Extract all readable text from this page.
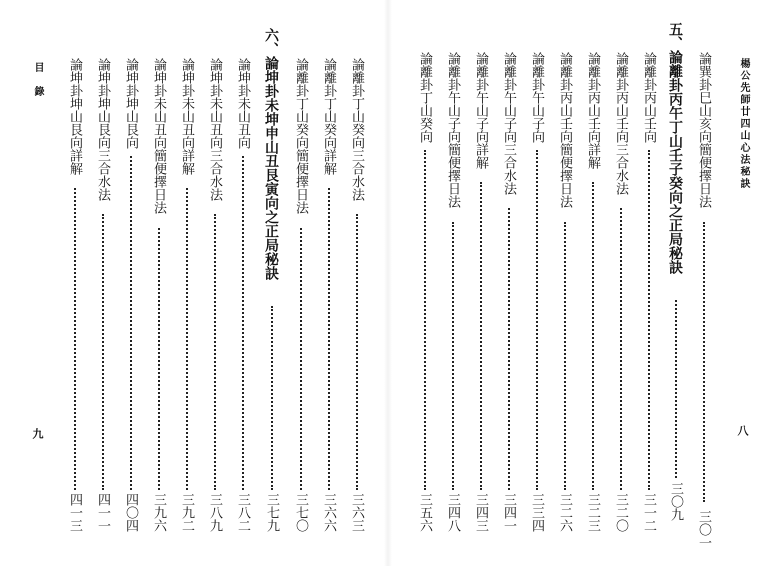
楊公先師廿四山心法秘訣
八
論巽卦巳山亥向簡便擇日法
三〇一
五、論離卦丙午丁山壬子癸向之正局秘訣
三〇九
論離卦丙山壬向
三一二
論離卦丙山壬向三合水法
三二〇
論離卦丙山壬向詳解
三二三
論離卦丙山壬向簡便擇日法
三二六
論離卦午山子向
三三四
論離卦午山子向三合水法
三四一
論離卦午山子向詳解
三四三
論離卦午山子向簡便擇日法
三四八
論離卦丁山癸向
三五六
論離卦丁山癸向三合水法
三六三
論離卦丁山癸向詳解
三六六
論離卦丁山癸向簡便擇日法
三七〇
六、論坤卦未坤申山丑艮寅向之正局秘訣
三七九
論坤卦未山丑向
三八二
論坤卦未山丑向三合水法
三八九
論坤卦未山丑向詳解
三九二
論坤卦未山丑向簡便擇日法
三九六
論坤卦坤山艮向
四〇四
論坤卦坤山艮向三合水法
四一一
論坤卦坤山艮向詳解
四一三
目錄
九
